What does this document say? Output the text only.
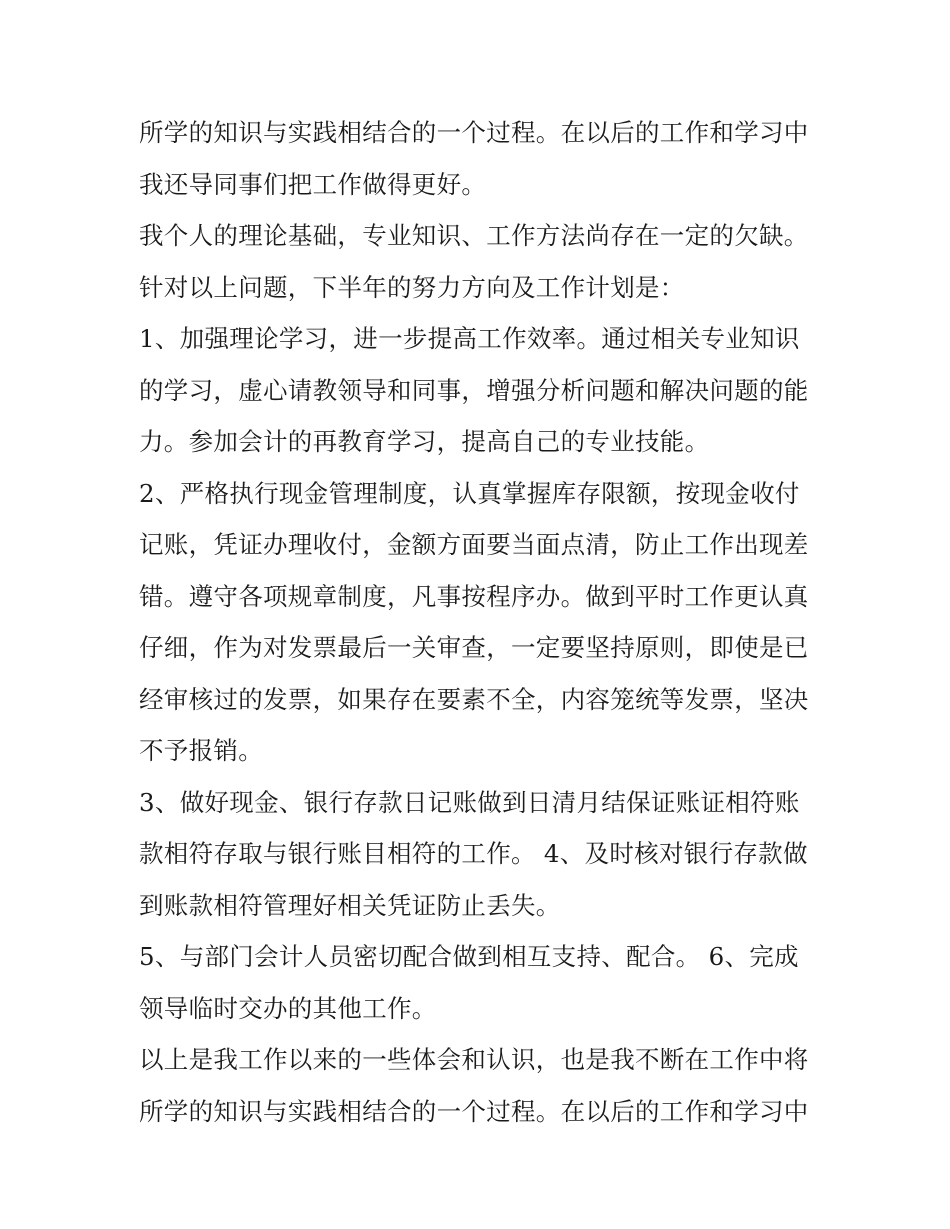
所学的知识与实践相结合的一个过程。在以后的工作和学习中
我还导同事们把工作做得更好。
我个人的理论基础，专业知识、工作方法尚存在一定的欠缺。
针对以上问题，下半年的努力方向及工作计划是：
1、加强理论学习，进一步提高工作效率。通过相关专业知识
的学习，虚心请教领导和同事，增强分析问题和解决问题的能
力。参加会计的再教育学习，提高自己的专业技能。
2、严格执行现金管理制度，认真掌握库存限额，按现金收付
记账，凭证办理收付，金额方面要当面点清，防止工作出现差
错。遵守各项规章制度，凡事按程序办。做到平时工作更认真
仔细，作为对发票最后一关审查，一定要坚持原则，即使是已
经审核过的发票，如果存在要素不全，内容笼统等发票，坚决
不予报销。
3、做好现金、银行存款日记账做到日清月结保证账证相符账
款相符存取与银行账目相符的工作。 4、及时核对银行存款做
到账款相符管理好相关凭证防止丢失。
5、与部门会计人员密切配合做到相互支持、配合。 6、完成
领导临时交办的其他工作。
以上是我工作以来的一些体会和认识，也是我不断在工作中将
所学的知识与实践相结合的一个过程。在以后的工作和学习中
